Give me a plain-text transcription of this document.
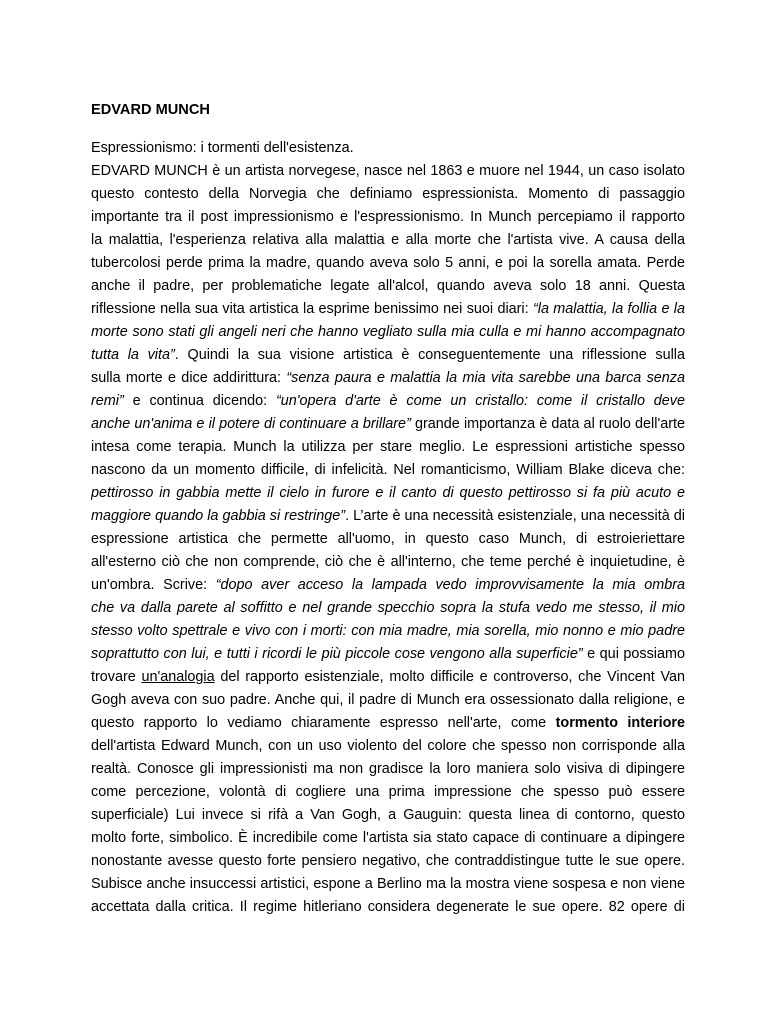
EDVARD MUNCH
Espressionismo: i tormenti dell'esistenza.
EDVARD MUNCH è un artista norvegese, nasce nel 1863 e muore nel 1944, un caso isolato
questo contesto della Norvegia che definiamo espressionista. Momento di passaggio
importante tra il post impressionismo e l'espressionismo. In Munch percepiamo il rapporto
la malattia, l'esperienza relativa alla malattia e alla morte che l'artista vive. A causa della
tubercolosi perde prima la madre, quando aveva solo 5 anni, e poi la sorella amata. Perde
anche il padre, per problematiche legate all'alcol, quando aveva solo 18 anni. Questa
riflessione nella sua vita artistica la esprime benissimo nei suoi diari: “la malattia, la follia e la
morte sono stati gli angeli neri che hanno vegliato sulla mia culla e mi hanno accompagnato
tutta la vita”. Quindi la sua visione artistica è conseguentemente una riflessione sulla
sulla morte e dice addirittura: “senza paura e malattia la mia vita sarebbe una barca senza
remi” e continua dicendo: “un'opera d'arte è come un cristallo: come il cristallo deve
anche un'anima e il potere di continuare a brillare” grande importanza è data al ruolo dell'arte
intesa come terapia. Munch la utilizza per stare meglio. Le espressioni artistiche spesso
nascono da un momento difficile, di infelicità. Nel romanticismo, William Blake diceva che:
pettirosso in gabbia mette il cielo in furore e il canto di questo pettirosso si fa più acuto e
maggiore quando la gabbia si restringe”. L’arte è una necessità esistenziale, una necessità di
espressione artistica che permette all'uomo, in questo caso Munch, di estroieriettare
all'esterno ciò che non comprende, ciò che è all'interno, che teme perché è inquietudine, è
un'ombra. Scrive: “dopo aver acceso la lampada vedo improvvisamente la mia ombra
che va dalla parete al soffitto e nel grande specchio sopra la stufa vedo me stesso, il mio
stesso volto spettrale e vivo con i morti: con mia madre, mia sorella, mio nonno e mio padre
soprattutto con lui, e tutti i ricordi le più piccole cose vengono alla superficie” e qui possiamo
trovare un'analogia del rapporto esistenziale, molto difficile e controverso, che Vincent Van
Gogh aveva con suo padre. Anche qui, il padre di Munch era ossessionato dalla religione, e
questo rapporto lo vediamo chiaramente espresso nell'arte, come tormento interiore
dell'artista Edward Munch, con un uso violento del colore che spesso non corrisponde alla
realtà. Conosce gli impressionisti ma non gradisce la loro maniera solo visiva di dipingere
come percezione, volontà di cogliere una prima impressione che spesso può essere
superficiale) Lui invece si rifà a Van Gogh, a Gauguin: questa linea di contorno, questo
molto forte, simbolico. È incredibile come l'artista sia stato capace di continuare a dipingere
nonostante avesse questo forte pensiero negativo, che contraddistingue tutte le sue opere.
Subisce anche insuccessi artistici, espone a Berlino ma la mostra viene sospesa e non viene
accettata dalla critica. Il regime hitleriano considera degenerate le sue opere. 82 opere di
